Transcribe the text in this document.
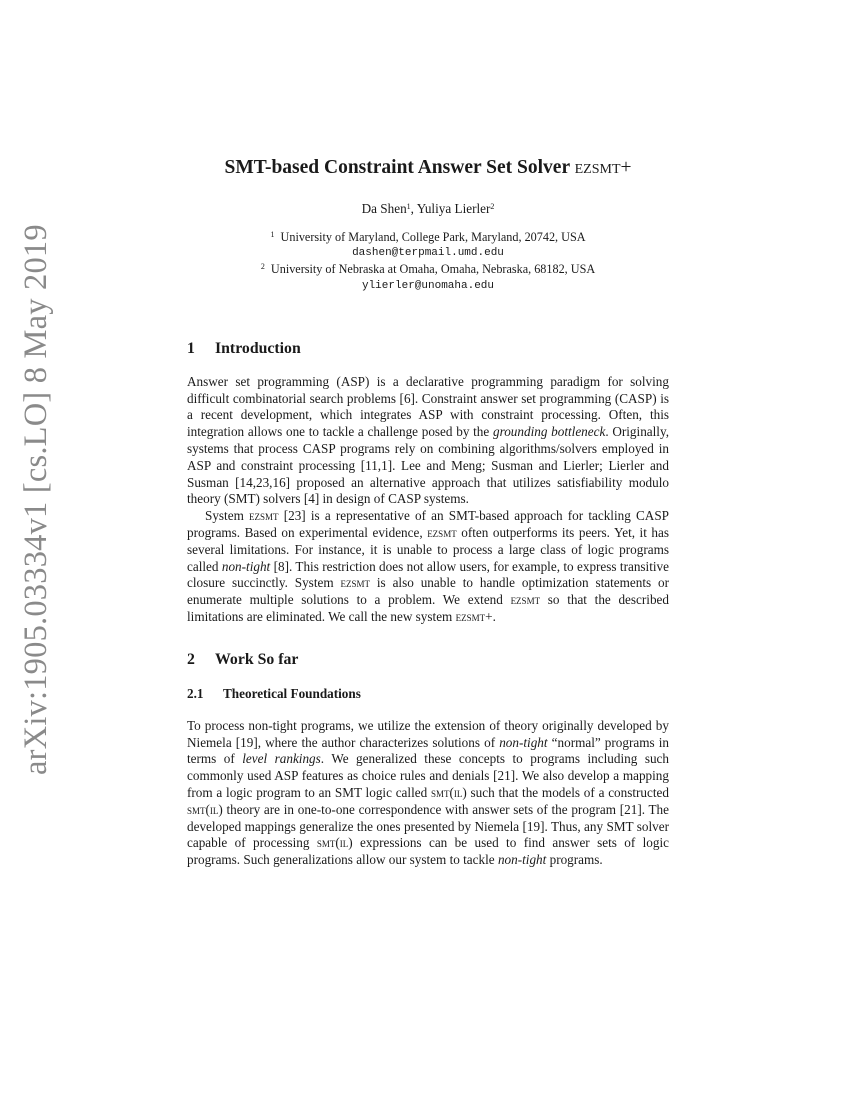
arXiv:1905.03334v1 [cs.LO] 8 May 2019
SMT-based Constraint Answer Set Solver ezsmt+
Da Shen$^1$, Yuliya Lierler$^2$
$^1$ University of Maryland, College Park, Maryland, 20742, USA
dashen@terpmail.umd.edu
$^2$ University of Nebraska at Omaha, Omaha, Nebraska, 68182, USA
ylierler@unomaha.edu
1 Introduction

Answer set programming (ASP) is a declarative programming paradigm for solving difficult combinatorial search problems [6]. Constraint answer set programming (CASP) is a recent development, which integrates ASP with constraint processing. Often, this integration allows one to tackle a challenge posed by the grounding bottleneck. Originally, systems that process CASP programs rely on combining algorithms/solvers employed in ASP and constraint processing [11,1]. Lee and Meng; Susman and Lierler; Lierler and Susman [14,23,16] proposed an alternative approach that utilizes satisfiability modulo theory (SMT) solvers [4] in design of CASP systems.

System ezsmt [23] is a representative of an SMT-based approach for tackling CASP programs. Based on experimental evidence, ezsmt often outperforms its peers. Yet, it has several limitations. For instance, it is unable to process a large class of logic programs called non-tight [8]. This restriction does not allow users, for example, to express transitive closure succinctly. System ezsmt is also unable to handle optimization statements or enumerate multiple solutions to a problem. We extend ezsmt so that the described limitations are eliminated. We call the new system ezsmt+.

2 Work So far
2.1 Theoretical Foundations

To process non-tight programs, we utilize the extension of theory originally developed by Niemela [19], where the author characterizes solutions of non-tight “normal” programs in terms of level rankings. We generalized these concepts to programs including such commonly used ASP features as choice rules and denials [21]. We also develop a mapping from a logic program to an SMT logic called smt(il) such that the models of a constructed smt(il) theory are in one-to-one correspondence with answer sets of the program [21]. The developed mappings generalize the ones presented by Niemela [19]. Thus, any SMT solver capable of processing smt(il) expressions can be used to find answer sets of logic programs. Such generalizations allow our system to tackle non-tight programs.
